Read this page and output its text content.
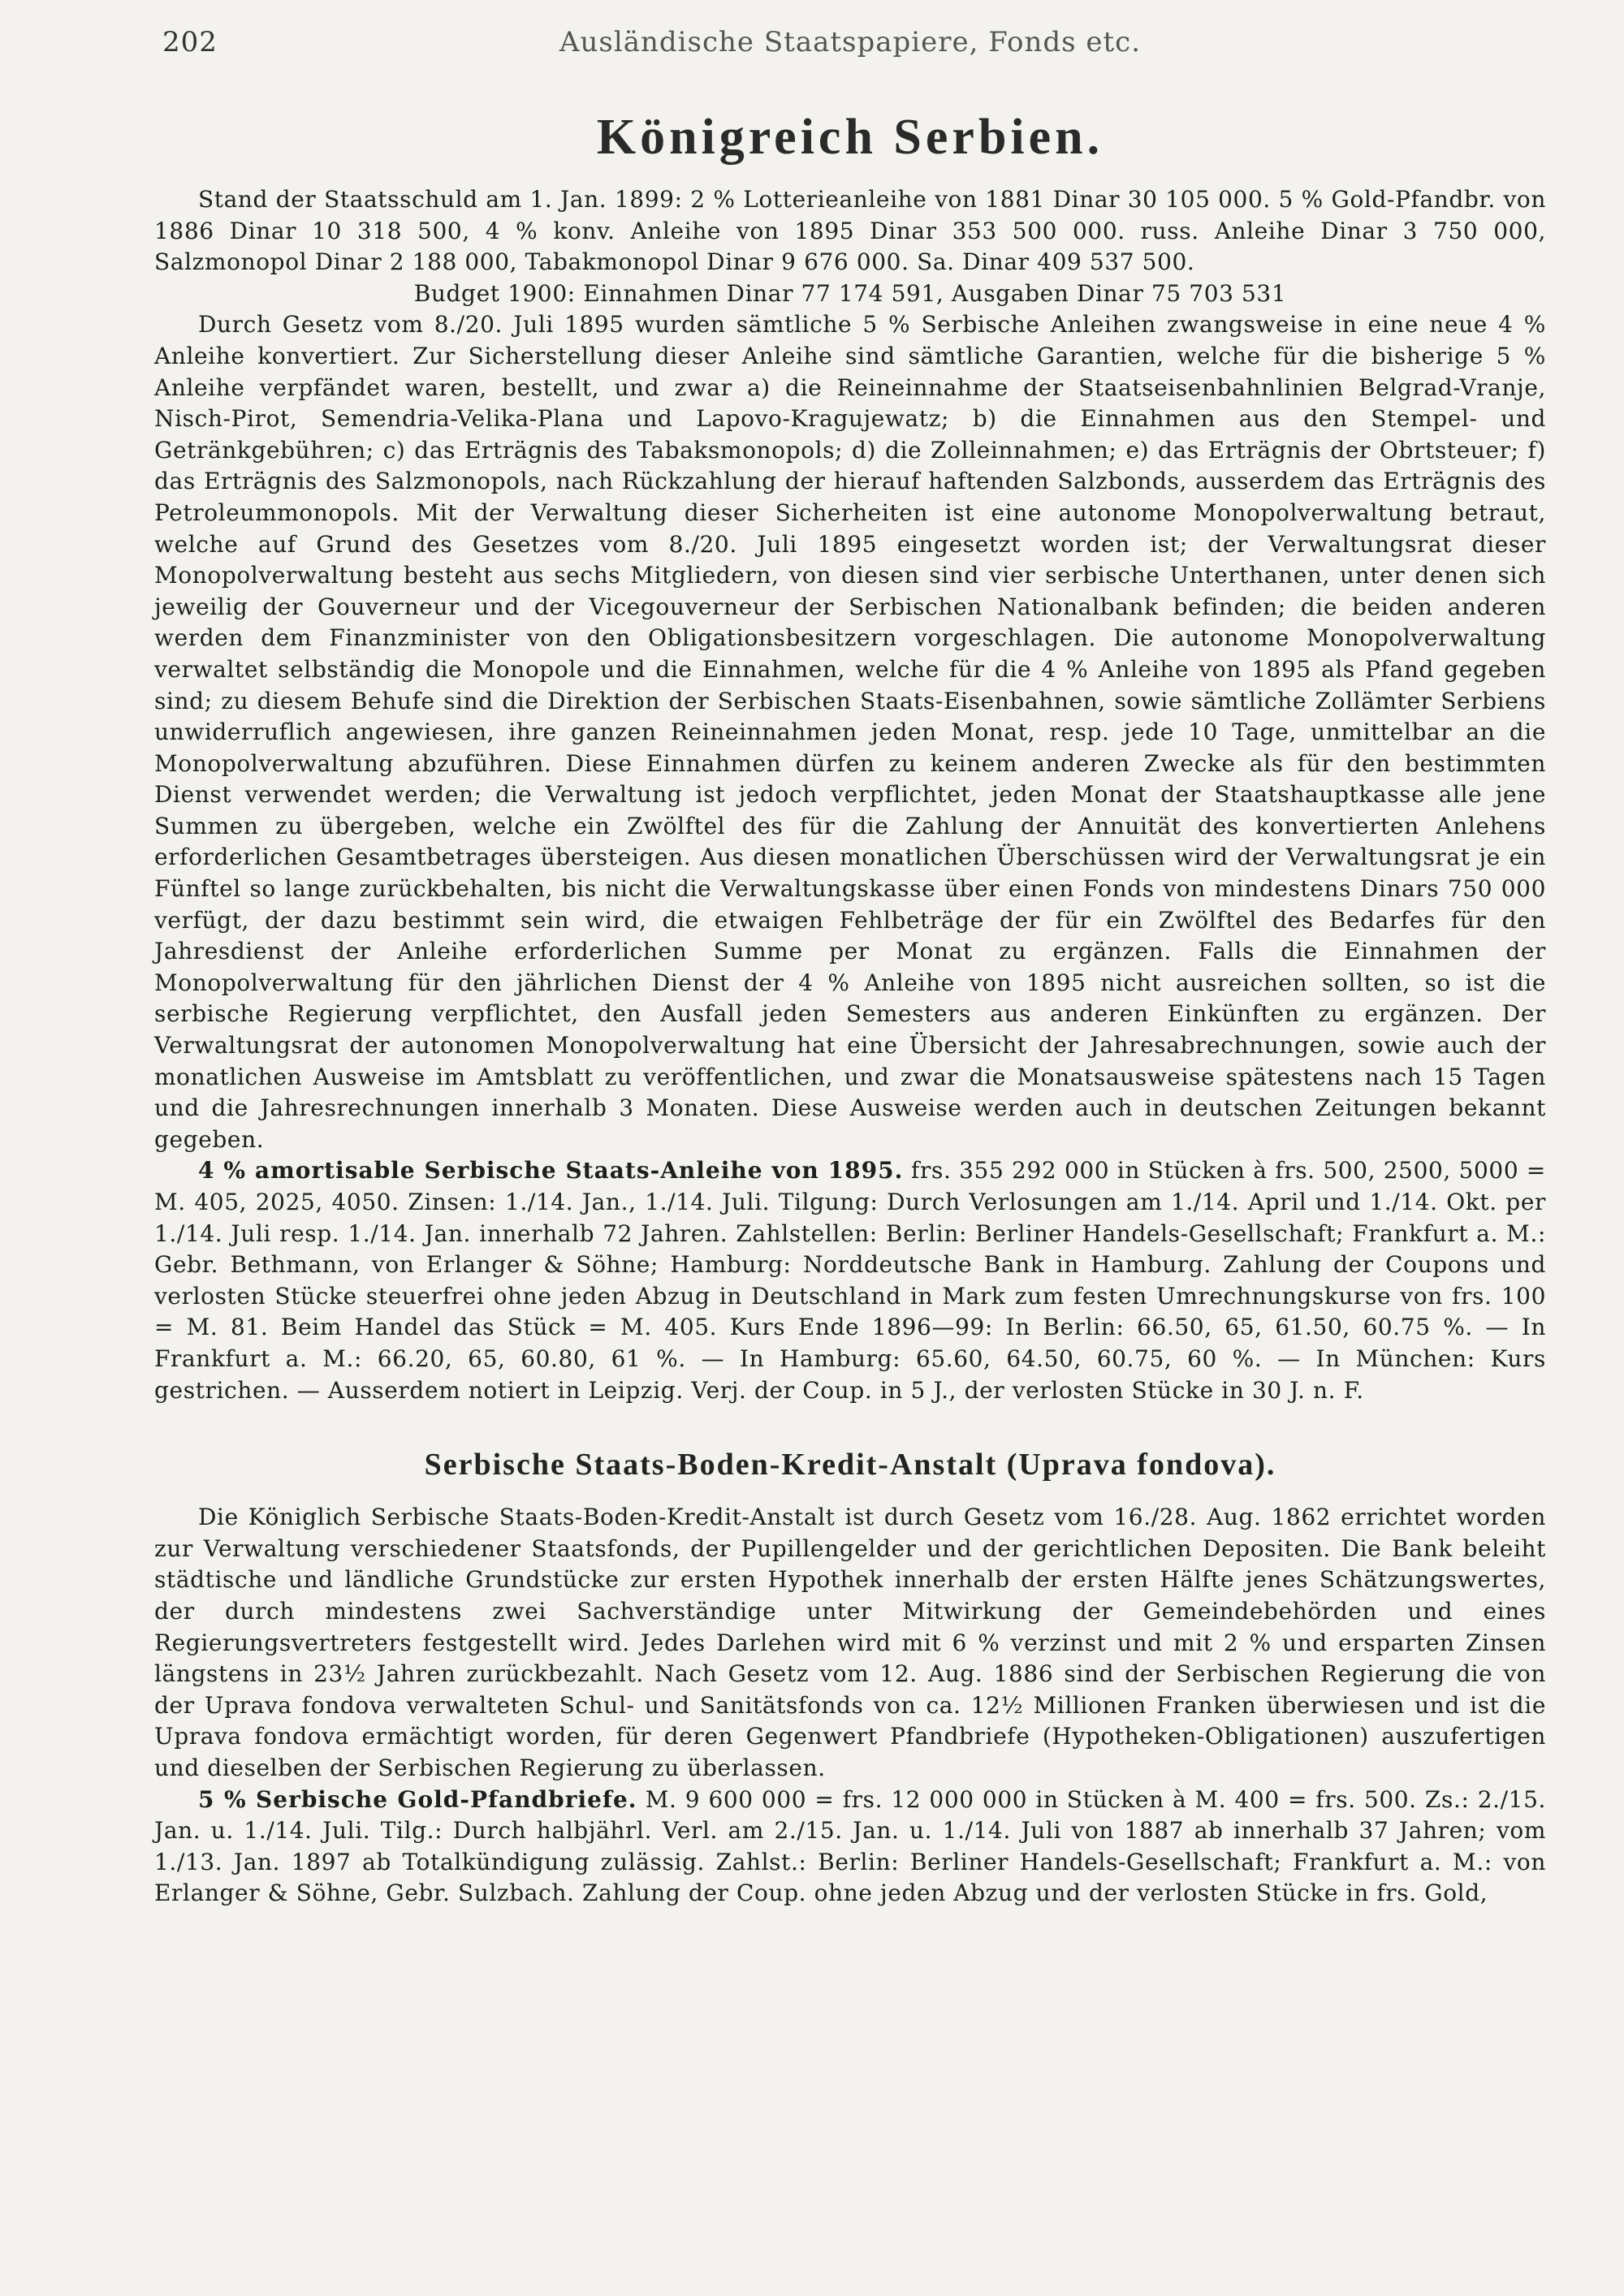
202	Ausländische Staatspapiere, Fonds etc.
Königreich Serbien.

Stand der Staatsschuld am 1. Jan. 1899: 2 % Lotterieanleihe von 1881 Dinar 30 105 000. 5 % Gold-Pfandbr. von 1886 Dinar 10 318 500, 4 % konv. Anleihe von 1895 Dinar 353 500 000. russ. Anleihe Dinar 3 750 000, Salzmonopol Dinar 2 188 000, Tabakmonopol Dinar 9 676 000. Sa. Dinar 409 537 500.

Budget 1900: Einnahmen Dinar 77 174 591, Ausgaben Dinar 75 703 531

Durch Gesetz vom 8./20. Juli 1895 wurden sämtliche 5 % Serbische Anleihen zwangsweise in eine neue 4 % Anleihe konvertiert. Zur Sicherstellung dieser Anleihe sind sämtliche Garantien, welche für die bisherige 5 % Anleihe verpfändet waren, bestellt, und zwar a) die Reineinnahme der Staatseisenbahnlinien Belgrad-Vranje, Nisch-Pirot, Semendria-Velika-Plana und Lapovo-Kragujewatz; b) die Einnahmen aus den Stempel- und Getränkgebühren; c) das Erträgnis des Tabaksmonopols; d) die Zolleinnahmen; e) das Erträgnis der Obrtsteuer; f) das Erträgnis des Salzmonopols, nach Rückzahlung der hierauf haftenden Salzbonds, ausserdem das Erträgnis des Petroleummonopols. Mit der Verwaltung dieser Sicherheiten ist eine autonome Monopolverwaltung betraut, welche auf Grund des Gesetzes vom 8./20. Juli 1895 eingesetzt worden ist; der Verwaltungsrat dieser Monopolverwaltung besteht aus sechs Mitgliedern, von diesen sind vier serbische Unterthanen, unter denen sich jeweilig der Gouverneur und der Vicegouverneur der Serbischen Nationalbank befinden; die beiden anderen werden dem Finanzminister von den Obligationsbesitzern vorgeschlagen. Die autonome Monopolverwaltung verwaltet selbständig die Monopole und die Einnahmen, welche für die 4 % Anleihe von 1895 als Pfand gegeben sind; zu diesem Behufe sind die Direktion der Serbischen Staats-Eisenbahnen, sowie sämtliche Zollämter Serbiens unwiderruflich angewiesen, ihre ganzen Reineinnahmen jeden Monat, resp. jede 10 Tage, unmittelbar an die Monopolverwaltung abzuführen. Diese Einnahmen dürfen zu keinem anderen Zwecke als für den bestimmten Dienst verwendet werden; die Verwaltung ist jedoch verpflichtet, jeden Monat der Staatshauptkasse alle jene Summen zu übergeben, welche ein Zwölftel des für die Zahlung der Annuität des konvertierten Anlehens erforderlichen Gesamtbetrages übersteigen. Aus diesen monatlichen Überschüssen wird der Verwaltungsrat je ein Fünftel so lange zurückbehalten, bis nicht die Verwaltungskasse über einen Fonds von mindestens Dinars 750 000 verfügt, der dazu bestimmt sein wird, die etwaigen Fehlbeträge der für ein Zwölftel des Bedarfes für den Jahresdienst der Anleihe erforderlichen Summe per Monat zu ergänzen. Falls die Einnahmen der Monopolverwaltung für den jährlichen Dienst der 4 % Anleihe von 1895 nicht ausreichen sollten, so ist die serbische Regierung verpflichtet, den Ausfall jeden Semesters aus anderen Einkünften zu ergänzen. Der Verwaltungsrat der autonomen Monopolverwaltung hat eine Übersicht der Jahresabrechnungen, sowie auch der monatlichen Ausweise im Amtsblatt zu veröffentlichen, und zwar die Monatsausweise spätestens nach 15 Tagen und die Jahresrechnungen innerhalb 3 Monaten. Diese Ausweise werden auch in deutschen Zeitungen bekannt gegeben.

4 % amortisable Serbische Staats-Anleihe von 1895. frs. 355 292 000 in Stücken à frs. 500, 2500, 5000 = M. 405, 2025, 4050. Zinsen: 1./14. Jan., 1./14. Juli. Tilgung: Durch Verlosungen am 1./14. April und 1./14. Okt. per 1./14. Juli resp. 1./14. Jan. innerhalb 72 Jahren. Zahlstellen: Berlin: Berliner Handels-Gesellschaft; Frankfurt a. M.: Gebr. Bethmann, von Erlanger & Söhne; Hamburg: Norddeutsche Bank in Hamburg. Zahlung der Coupons und verlosten Stücke steuerfrei ohne jeden Abzug in Deutschland in Mark zum festen Umrechnungskurse von frs. 100 = M. 81. Beim Handel das Stück = M. 405. Kurs Ende 1896—99: In Berlin: 66.50, 65, 61.50, 60.75 %. — In Frankfurt a. M.: 66.20, 65, 60.80, 61 %. — In Hamburg: 65.60, 64.50, 60.75, 60 %. — In München: Kurs gestrichen. — Ausserdem notiert in Leipzig. Verj. der Coup. in 5 J., der verlosten Stücke in 30 J. n. F.

Serbische Staats-Boden-Kredit-Anstalt (Uprava fondova).

Die Königlich Serbische Staats-Boden-Kredit-Anstalt ist durch Gesetz vom 16./28. Aug. 1862 errichtet worden zur Verwaltung verschiedener Staatsfonds, der Pupillengelder und der gerichtlichen Depositen. Die Bank beleiht städtische und ländliche Grundstücke zur ersten Hypothek innerhalb der ersten Hälfte jenes Schätzungswertes, der durch mindestens zwei Sachverständige unter Mitwirkung der Gemeindebehörden und eines Regierungsvertreters festgestellt wird. Jedes Darlehen wird mit 6 % verzinst und mit 2 % und ersparten Zinsen längstens in 23½ Jahren zurückbezahlt. Nach Gesetz vom 12. Aug. 1886 sind der Serbischen Regierung die von der Uprava fondova verwalteten Schul- und Sanitätsfonds von ca. 12½ Millionen Franken überwiesen und ist die Uprava fondova ermächtigt worden, für deren Gegenwert Pfandbriefe (Hypotheken-Obligationen) auszufertigen und dieselben der Serbischen Regierung zu überlassen.

5 % Serbische Gold-Pfandbriefe. M. 9 600 000 = frs. 12 000 000 in Stücken à M. 400 = frs. 500. Zs.: 2./15. Jan. u. 1./14. Juli. Tilg.: Durch halbjährl. Verl. am 2./15. Jan. u. 1./14. Juli von 1887 ab innerhalb 37 Jahren; vom 1./13. Jan. 1897 ab Totalkündigung zulässig. Zahlst.: Berlin: Berliner Handels-Gesellschaft; Frankfurt a. M.: von Erlanger & Söhne, Gebr. Sulzbach. Zahlung der Coup. ohne jeden Abzug und der verlosten Stücke in frs. Gold,
